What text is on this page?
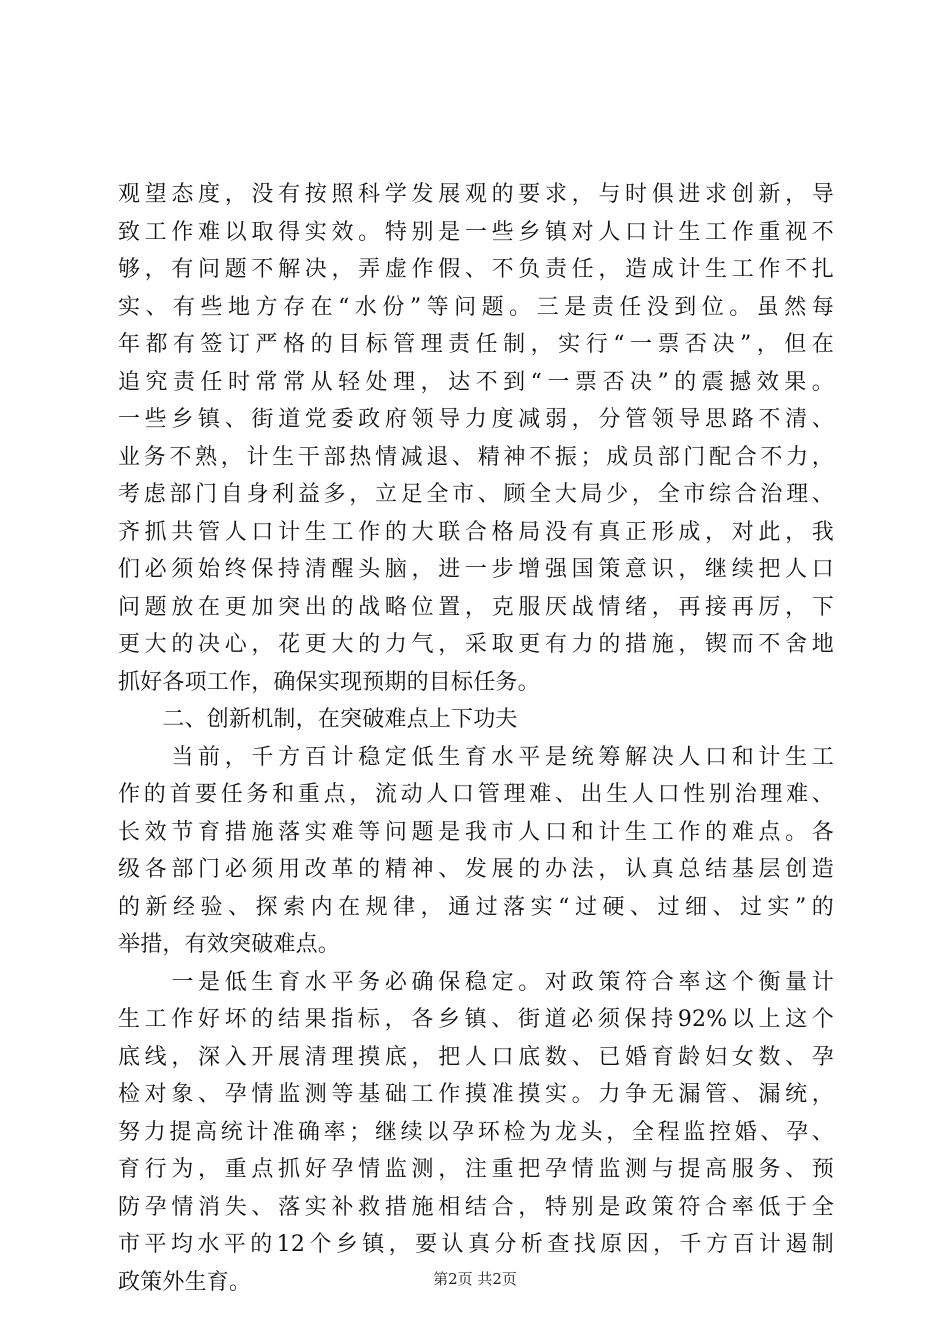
观望态度，没有按照科学发展观的要求，与时俱进求创新，导
致工作难以取得实效。特别是一些乡镇对人口计生工作重视不
够，有问题不解决，弄虚作假、不负责任，造成计生工作不扎
实、有些地方存在“水份”等问题。三是责任没到位。虽然每
年都有签订严格的目标管理责任制，实行“一票否决”，但在
追究责任时常常从轻处理，达不到“一票否决”的震撼效果。
一些乡镇、街道党委政府领导力度减弱，分管领导思路不清、
业务不熟，计生干部热情减退、精神不振；成员部门配合不力，
考虑部门自身利益多，立足全市、顾全大局少，全市综合治理、
齐抓共管人口计生工作的大联合格局没有真正形成，对此，我
们必须始终保持清醒头脑，进一步增强国策意识，继续把人口
问题放在更加突出的战略位置，克服厌战情绪，再接再厉，下
更大的决心，花更大的力气，采取更有力的措施，锲而不舍地
抓好各项工作，确保实现预期的目标任务。
　　二、创新机制，在突破难点上下功夫
　　当前，千方百计稳定低生育水平是统筹解决人口和计生工
作的首要任务和重点，流动人口管理难、出生人口性别治理难、
长效节育措施落实难等问题是我市人口和计生工作的难点。各
级各部门必须用改革的精神、发展的办法，认真总结基层创造
的新经验、探索内在规律，通过落实“过硬、过细、过实”的
举措，有效突破难点。
　　一是低生育水平务必确保稳定。对政策符合率这个衡量计
生工作好坏的结果指标，各乡镇、街道必须保持92%以上这个
底线，深入开展清理摸底，把人口底数、已婚育龄妇女数、孕
检对象、孕情监测等基础工作摸准摸实。力争无漏管、漏统，
努力提高统计准确率；继续以孕环检为龙头，全程监控婚、孕、
育行为，重点抓好孕情监测，注重把孕情监测与提高服务、预
防孕情消失、落实补救措施相结合，特别是政策符合率低于全
市平均水平的12个乡镇，要认真分析查找原因，千方百计遏制
政策外生育。	第2页 共2页
